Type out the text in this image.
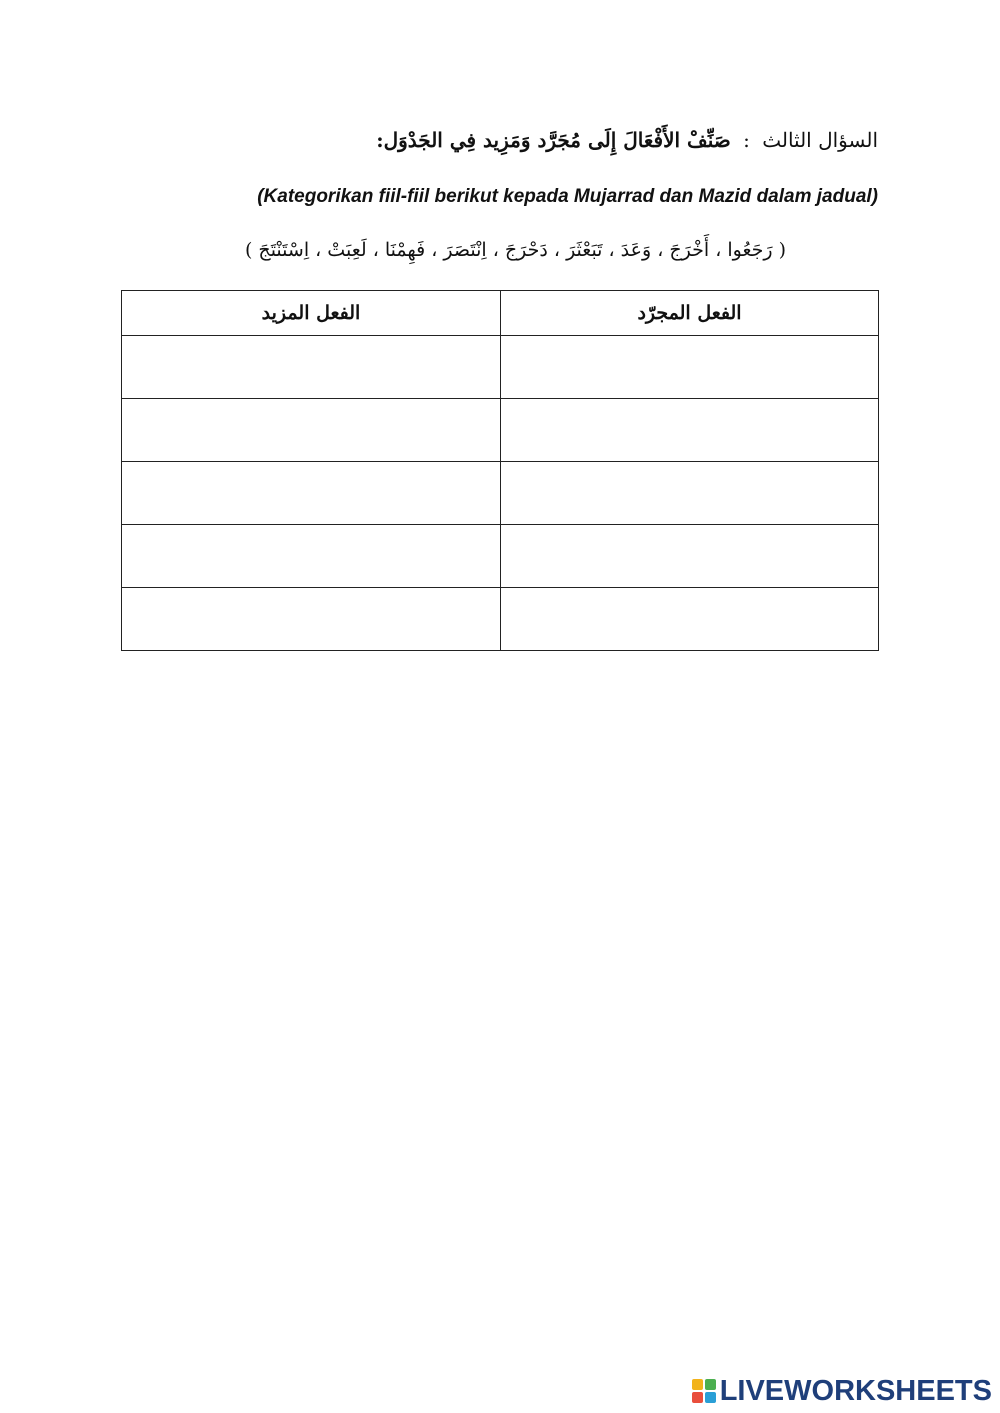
السؤال الثالث : صَنِّفْ الأَفْعَالَ إِلَى مُجَرَّد وَمَزِيد فِي الجَدْوَل:
(Kategorikan fiil-fiil berikut kepada Mujarrad dan Mazid dalam jadual)
( رَجَعُوا ، أَخْرَجَ ، وَعَدَ ، تَبَعْثَرَ ، دَحْرَجَ ، اِنْتَصَرَ ، فَهِمْنَا ، لَعِبَتْ ، اِسْتَنْتَجَ )
الفعل المجرّد	الفعل المزيد

LIVEWORKSHEETS
